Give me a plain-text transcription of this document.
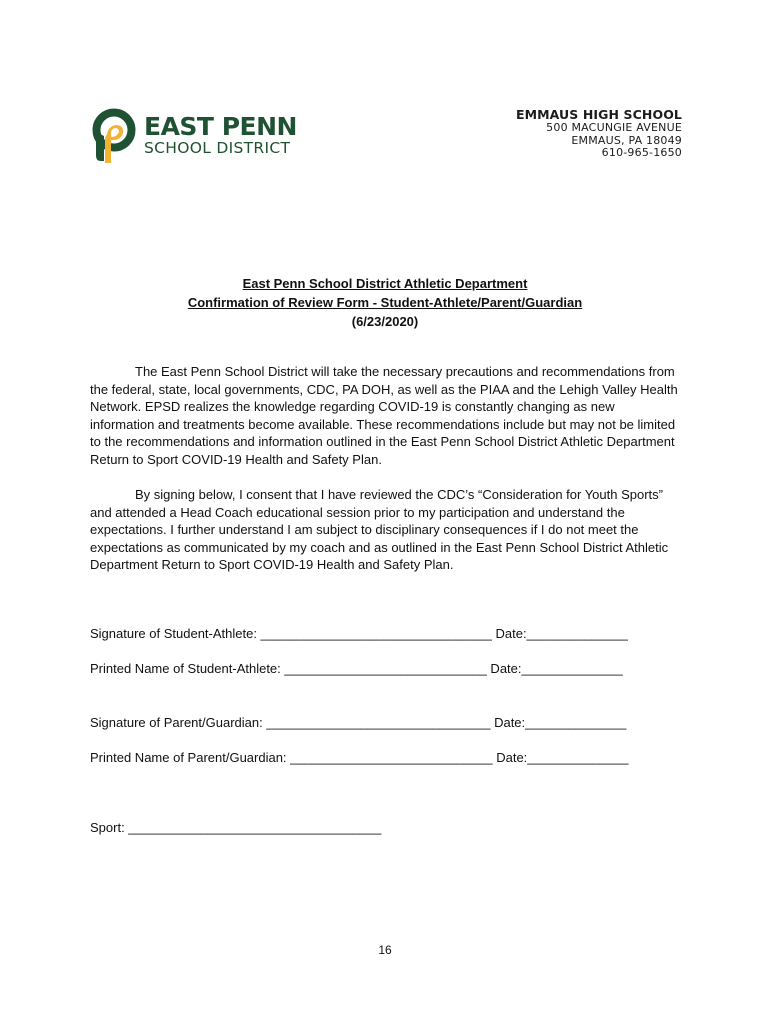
EAST PENN
SCHOOL DISTRICT
EMMAUS HIGH SCHOOL
500 MACUNGIE AVENUE
EMMAUS, PA 18049
610-965-1650
East Penn School District Athletic Department
Confirmation of Review Form - Student-Athlete/Parent/Guardian
(6/23/2020)

The East Penn School District will take the necessary precautions and recommendations from the federal, state, local governments, CDC, PA DOH, as well as the PIAA and the Lehigh Valley Health Network. EPSD realizes the knowledge regarding COVID-19 is constantly changing as new information and treatments become available. These recommendations include but may not be limited to the recommendations and information outlined in the East Penn School District Athletic Department Return to Sport COVID-19 Health and Safety Plan.

By signing below, I consent that I have reviewed the CDC’s “Consideration for Youth Sports” and attended a Head Coach educational session prior to my participation and understand the expectations. I further understand I am subject to disciplinary consequences if I do not meet the expectations as communicated by my coach and as outlined in the East Penn School District Athletic Department Return to Sport COVID-19 Health and Safety Plan.

Signature of Student-Athlete: ________________________________ Date:______________
Printed Name of Student-Athlete: ____________________________ Date:______________
Signature of Parent/Guardian: _______________________________ Date:______________
Printed Name of Parent/Guardian: ____________________________ Date:______________
Sport: ___________________________________
16
